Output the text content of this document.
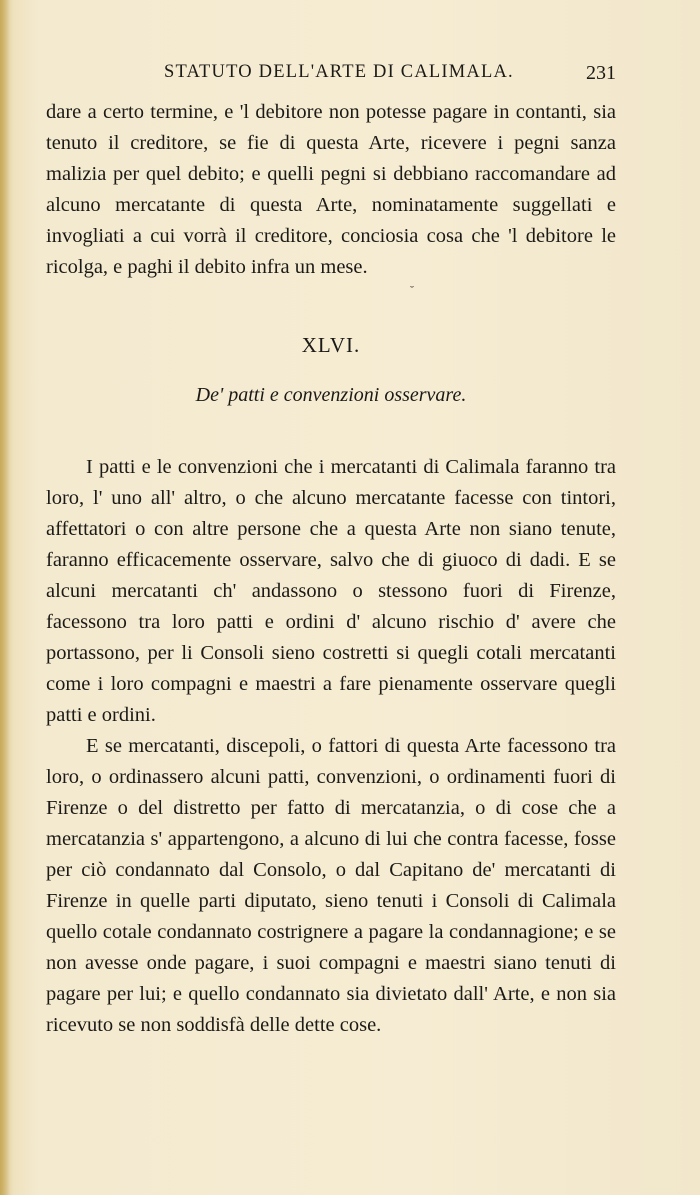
STATUTO DELL'ARTE DI CALIMALA.	231

dare a certo termine, e 'l debitore non potesse pagare in contanti, sia tenuto il creditore, se fie di questa Arte, ricevere i pegni sanza malizia per quel debito; e quelli pegni si debbiano raccomandare ad alcuno mercatante di questa Arte, nominatamente suggellati e invogliati a cui vorrà il creditore, conciosia cosa che 'l debitore le ricolga, e paghi il debito infra un mese.

˘
XLVI.
De' patti e convenzioni osservare.

I patti e le convenzioni che i mercatanti di Calimala faranno tra loro, l' uno all' altro, o che alcuno mercatante facesse con tintori, affettatori o con altre persone che a questa Arte non siano tenute, faranno efficacemente osservare, salvo che di giuoco di dadi. E se alcuni mercatanti ch' andassono o stessono fuori di Firenze, facessono tra loro patti e ordini d' alcuno rischio d' avere che portassono, per li Consoli sieno costretti si quegli cotali mercatanti come i loro compagni e maestri a fare pienamente osservare quegli patti e ordini.

E se mercatanti, discepoli, o fattori di questa Arte facessono tra loro, o ordinassero alcuni patti, convenzioni, o ordinamenti fuori di Firenze o del distretto per fatto di mercatanzia, o di cose che a mercatanzia s' appartengono, a alcuno di lui che contra facesse, fosse per ciò condannato dal Consolo, o dal Capitano de' mercatanti di Firenze in quelle parti diputato, sieno tenuti i Consoli di Calimala quello cotale condannato costrignere a pagare la condannagione; e se non avesse onde pagare, i suoi compagni e maestri siano tenuti di pagare per lui; e quello condannato sia divietato dall' Arte, e non sia ricevuto se non soddisfà delle dette cose.
